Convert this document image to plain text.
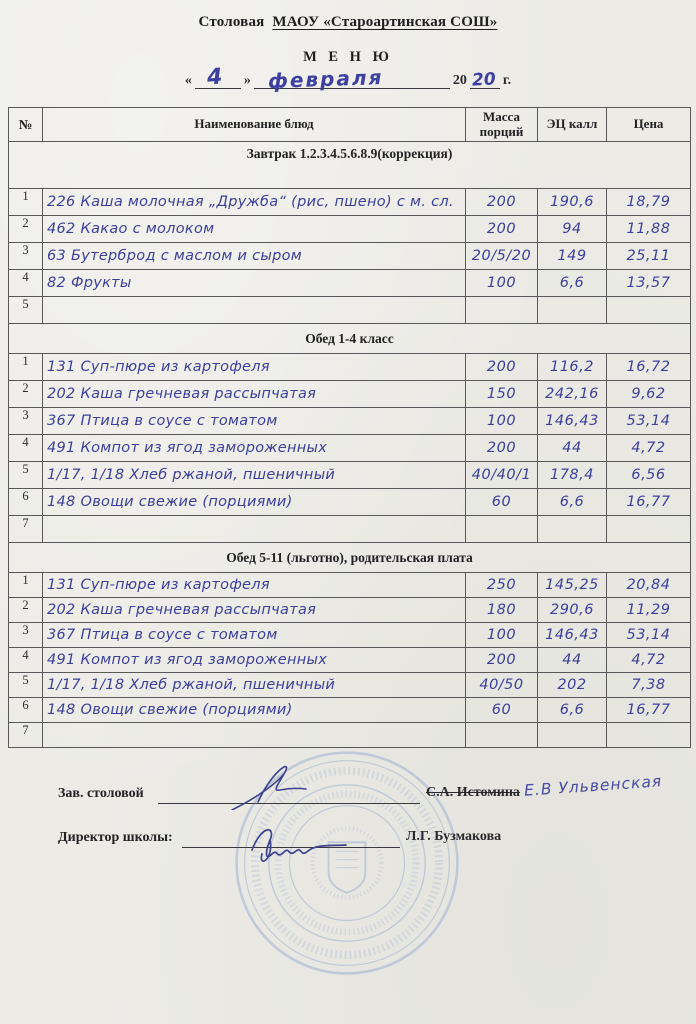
Столовая МАОУ «Староартинская СОШ»
М Е Н Ю
« 4 » февраля	20 20 г.
№	Наименование блюд	Масса порций	ЭЦ калл	Цена
Завтрак 1.2.3.4.5.6.8.9(коррекция)				
1	226 Каша молочная „Дружба“ (рис, пшено) с м. сл.	200	190,6	18,79
2	462 Какао с молоком	200	94	11,88
3	63 Бутерброд с маслом и сыром	20/5/20	149	25,11
4	82 Фрукты	100	6,6	13,57
5				
Обед 1-4 класс				
1	131 Суп-пюре из картофеля	200	116,2	16,72
2	202 Каша гречневая рассыпчатая	150	242,16	9,62
3	367 Птица в соусе с томатом	100	146,43	53,14
4	491 Компот из ягод замороженных	200	44	4,72
5	1/17, 1/18 Хлеб ржаной, пшеничный	40/40/1	178,4	6,56
6	148 Овощи свежие (порциями)	60	6,6	16,77
7				
Обед 5-11 (льготно), родительская плата				
1	131 Суп-пюре из картофеля	250	145,25	20,84
2	202 Каша гречневая рассыпчатая	180	290,6	11,29
3	367 Птица в соусе с томатом	100	146,43	53,14
4	491 Компот из ягод замороженных	200	44	4,72
5	1/17, 1/18 Хлеб ржаной, пшеничный	40/50	202	7,38
6	148 Овощи свежие (порциями)	60	6,6	16,77
7				
Зав. столовой	С.А. Истомина Е.В Ульвенская
Директор школы:	Л.Г. Бузмакова
